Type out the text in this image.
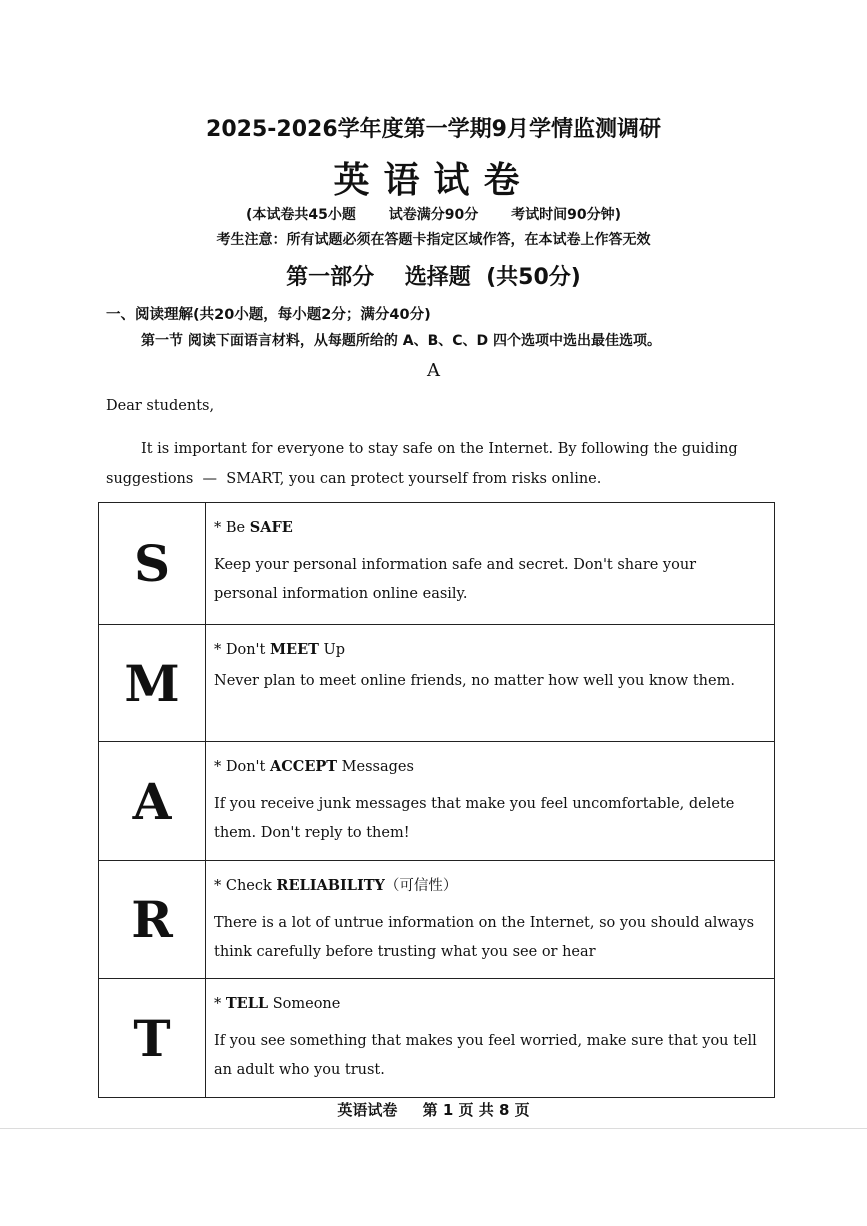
2025-2026学年度第一学期9月学情监测调研
英语试卷
(本试卷共45小题 试卷满分90分 考试时间90分钟)
考生注意：所有试题必须在答题卡指定区域作答，在本试卷上作答无效
第一部分    选择题  (共50分)
一、阅读理解(共20小题，每小题2分；满分40分)
第一节 阅读下面语言材料，从每题所给的 A、B、C、D 四个选项中选出最佳选项。
A
Dear students,
It is important for everyone to stay safe on the Internet. By following the guiding
suggestions  —  SMART, you can protect yourself from risks online.
S	* Be SAFE
Keep your personal information safe and secret. Don't share your personal information online easily.

M	* Don't MEET Up
Never plan to meet online friends, no matter how well you know them.

A	* Don't ACCEPT Messages
If you receive junk messages that make you feel uncomfortable, delete them. Don't reply to them!

R	* Check RELIABILITY（可信性）
There is a lot of untrue information on the Internet, so you should always think carefully before trusting what you see or hear

T	* TELL Someone
If you see something that makes you feel worried, make sure that you tell an adult who you trust.
英语试卷 第 1 页 共 8 页
